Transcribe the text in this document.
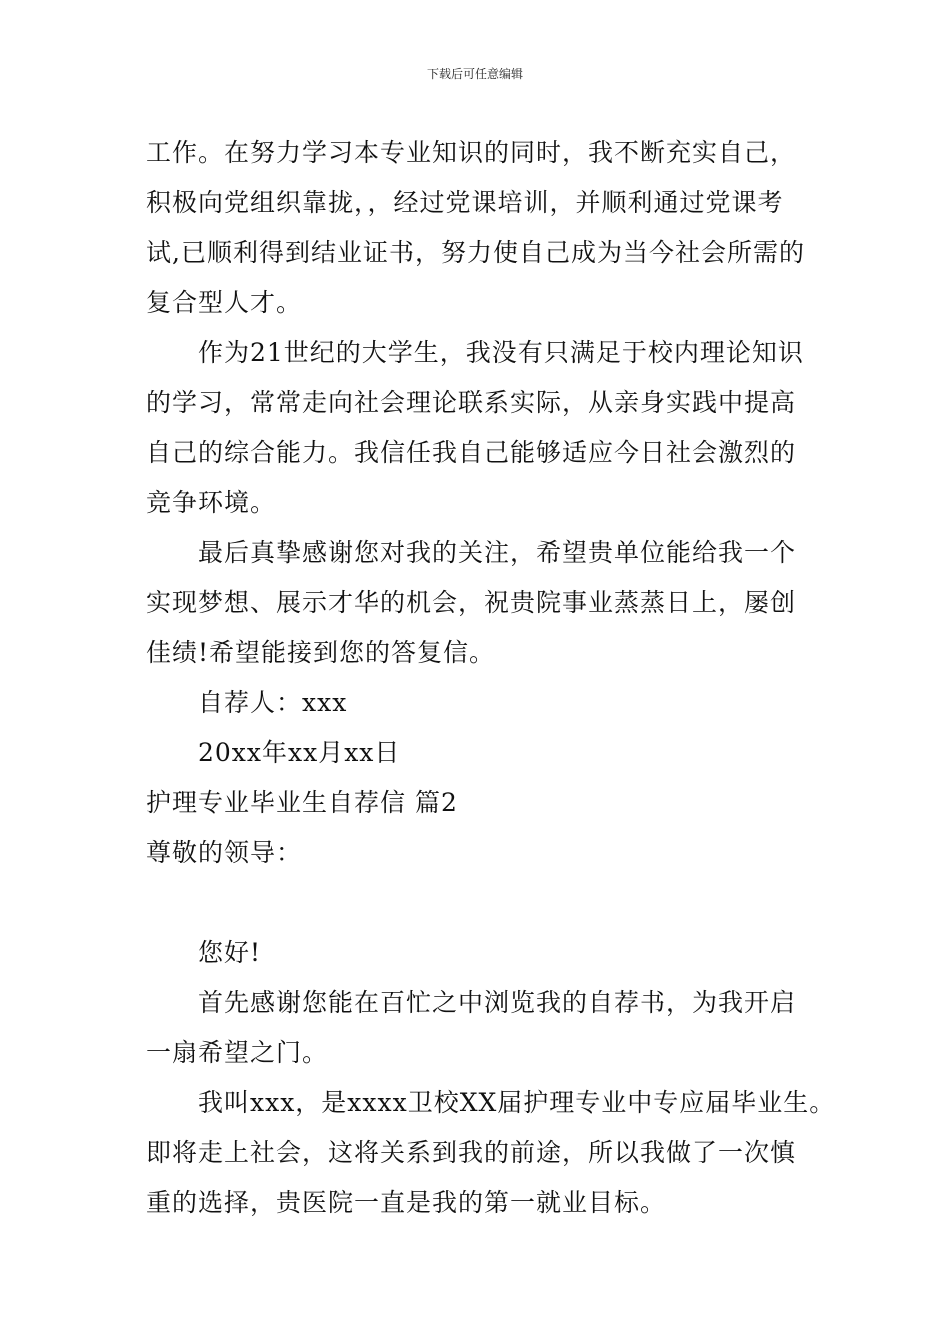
下载后可任意编辑
工作。在努力学习本专业知识的同时，我不断充实自己，
积极向党组织靠拢，，经过党课培训，并顺利通过党课考
试,已顺利得到结业证书，努力使自己成为当今社会所需的
复合型人才。
作为21世纪的大学生，我没有只满足于校内理论知识
的学习，常常走向社会理论联系实际，从亲身实践中提高
自己的综合能力。我信任我自己能够适应今日社会激烈的
竞争环境。
最后真挚感谢您对我的关注，希望贵单位能给我一个
实现梦想、展示才华的机会，祝贵院事业蒸蒸日上，屡创
佳绩!希望能接到您的答复信。
自荐人：xxx
20xx年xx月xx日
护理专业毕业生自荐信 篇2
尊敬的领导：
您好!
首先感谢您能在百忙之中浏览我的自荐书，为我开启
一扇希望之门。
我叫xxx，是xxxx卫校XX届护理专业中专应届毕业生。
即将走上社会，这将关系到我的前途，所以我做了一次慎
重的选择，贵医院一直是我的第一就业目标。
